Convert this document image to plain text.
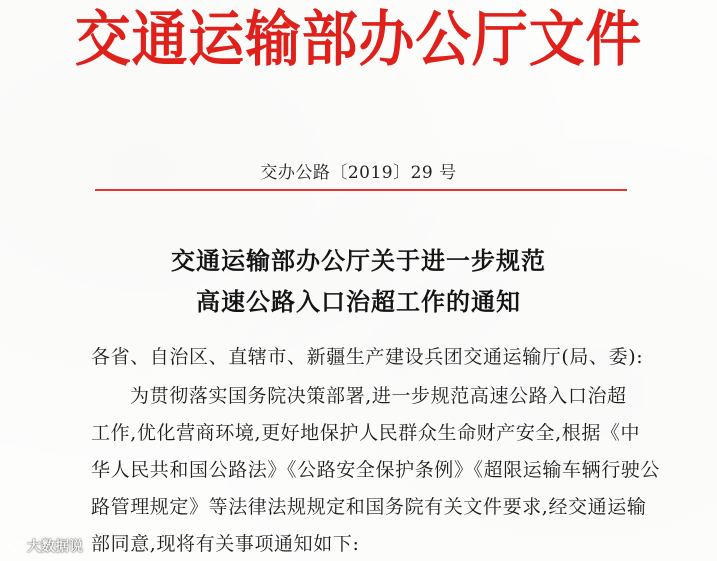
交通运输部办公厅文件
交办公路〔2019〕29 号
交通运输部办公厅关于进一步规范
高速公路入口治超工作的通知
各省、自治区、直辖市、新疆生产建设兵团交通运输厅(局、委):
为贯彻落实国务院决策部署,进一步规范高速公路入口治超
工作,优化营商环境,更好地保护人民群众生命财产安全,根据《中
华人民共和国公路法》《公路安全保护条例》《超限运输车辆行驶公
路管理规定》等法律法规规定和国务院有关文件要求,经交通运输
部同意,现将有关事项通知如下:
大数据说
